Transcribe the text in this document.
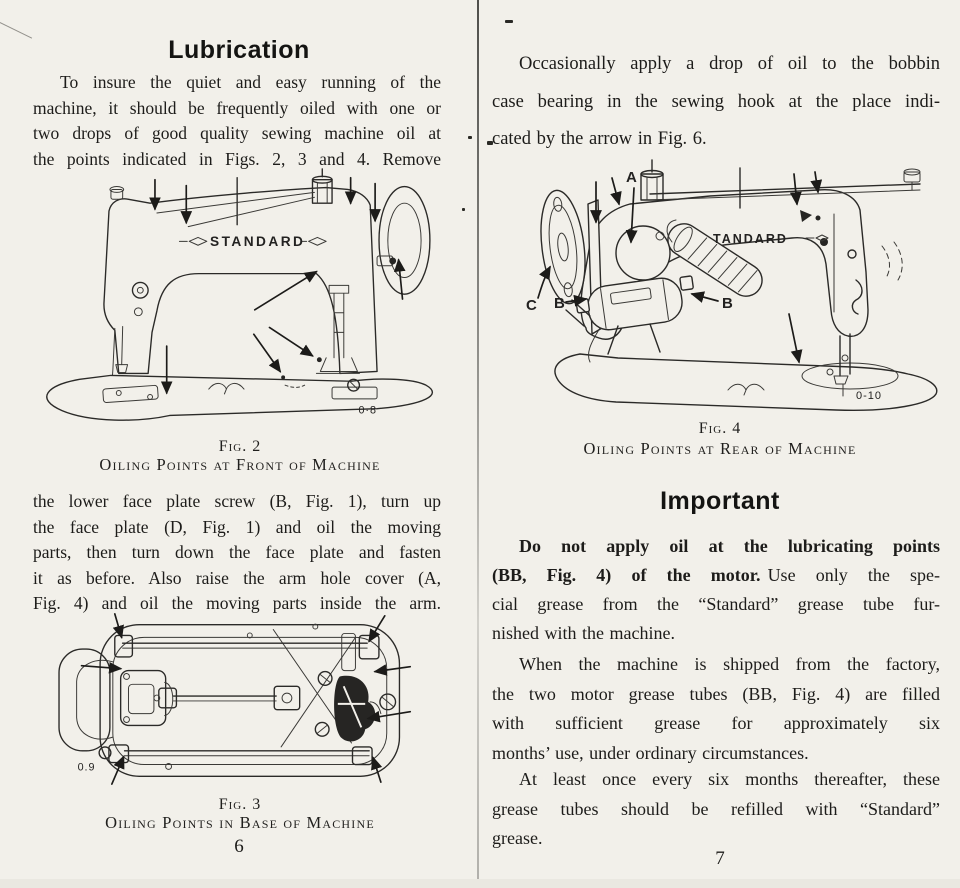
Lubrication
To insure the quiet and easy running of the
machine, it should be frequently oiled with one or
two drops of good quality sewing machine oil at
the points indicated in Figs. 2, 3 and 4. Remove
STANDARD
0·8
Fig. 2
Oiling Points at Front of Machine
the lower face plate screw (B, Fig. 1), turn up
the face plate (D, Fig. 1) and oil the moving
parts, then turn down the face plate and fasten
it as before. Also raise the arm hole cover (A,
Fig. 4) and oil the moving parts inside the arm.
0.9
Fig. 3
Oiling Points in Base of Machine
6
Occasionally apply a drop of oil to the bobbin
case bearing in the sewing hook at the place indi-
cated by the arrow in Fig. 6.
TANDARD
A
C B	B
0-10
Fig. 4
Oiling Points at Rear of Machine
Important
Do not apply oil at the lubricating points
(BB, Fig. 4) of the motor. Use only the spe-
cial grease from the “Standard” grease tube fur-
nished with the machine.
When the machine is shipped from the factory,
the two motor grease tubes (BB, Fig. 4) are filled
with sufficient grease for approximately six
months’ use, under ordinary circumstances.
At least once every six months thereafter, these
grease tubes should be refilled with “Standard”
grease.
7
